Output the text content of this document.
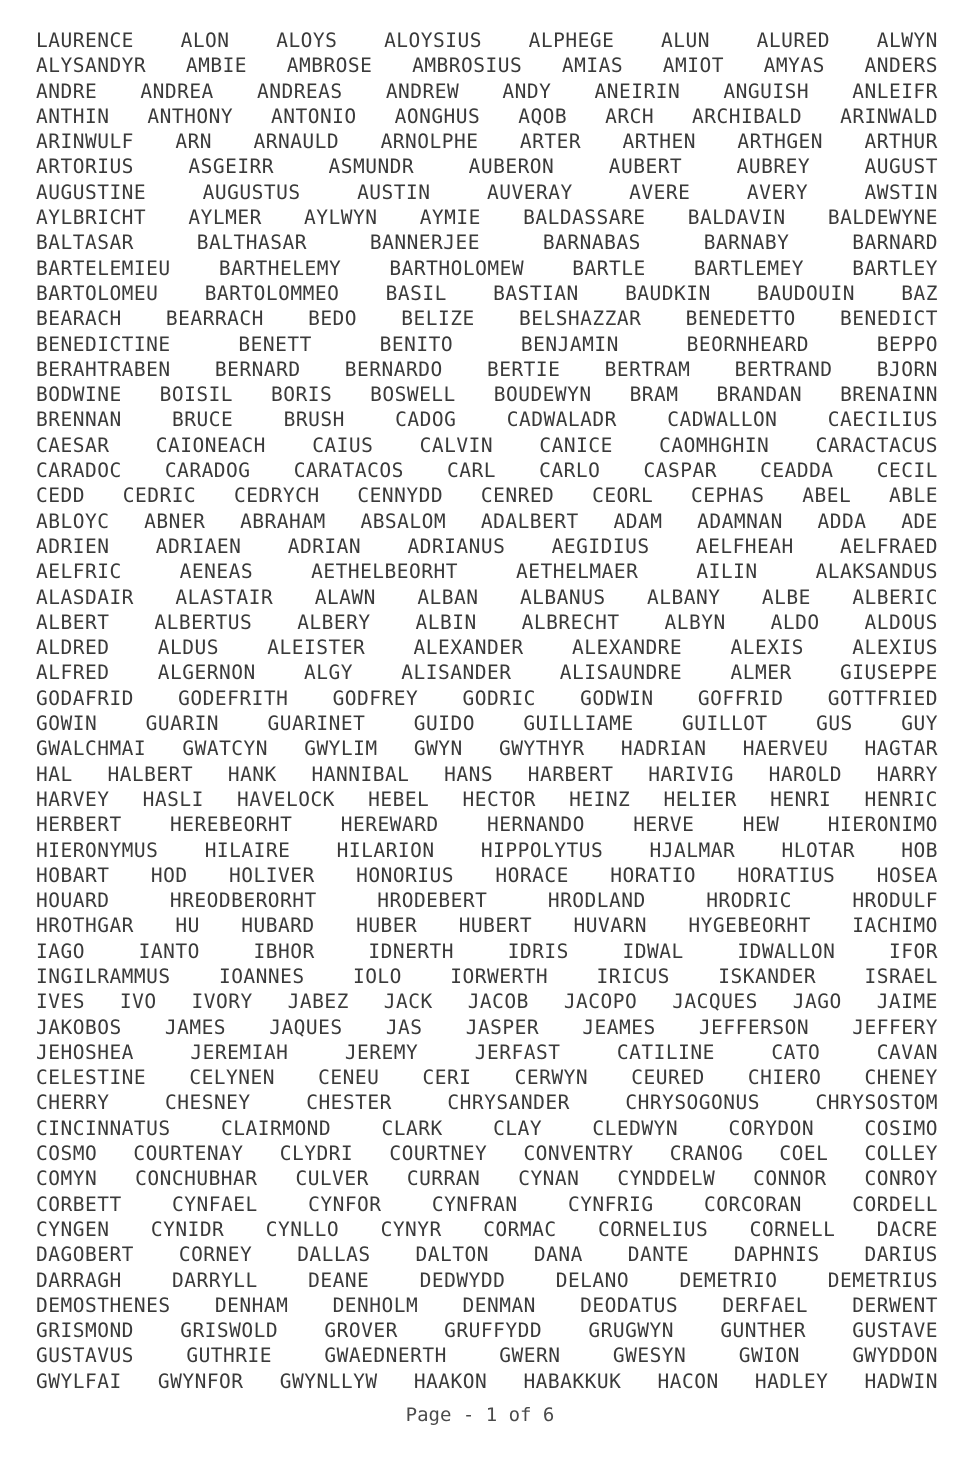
LAURENCE ALON ALOYS ALOYSIUS ALPHEGE ALUN ALURED ALWYN
ALYSANDYR AMBIE AMBROSE AMBROSIUS AMIAS AMIOT AMYAS ANDERS
ANDRE ANDREA ANDREAS ANDREW ANDY ANEIRIN ANGUISH ANLEIFR
ANTHIN ANTHONY ANTONIO AONGHUS AQOB ARCH ARCHIBALD ARINWALD
ARINWULF ARN ARNAULD ARNOLPHE ARTER ARTHEN ARTHGEN ARTHUR
ARTORIUS	ASGEIRR	ASMUNDR	AUBERON	AUBERT	AUBREY	AUGUST
AUGUSTINE	AUGUSTUS	AUSTIN	AUVERAY	AVERE	AVERY	AWSTIN
AYLBRICHT AYLMER AYLWYN AYMIE BALDASSARE BALDAVIN BALDEWYNE
BALTASAR	BALTHASAR	BANNERJEE	BARNABAS	BARNABY	BARNARD
BARTELEMIEU BARTHELEMY BARTHOLOMEW BARTLE BARTLEMEY BARTLEY
BARTOLOMEU BARTOLOMMEO BASIL BASTIAN BAUDKIN BAUDOUIN BAZ
BEARACH BEARRACH BEDO BELIZE BELSHAZZAR BENEDETTO BENEDICT
BENEDICTINE	BENETT	BENITO	BENJAMIN	BEORNHEARD	BEPPO
BERAHTRABEN BERNARD BERNARDO BERTIE BERTRAM BERTRAND BJORN
BODWINE BOISIL BORIS BOSWELL BOUDEWYN BRAM BRANDAN BRENAINN
BRENNAN	BRUCE	BRUSH	CADOG	CADWALADR	CADWALLON	CAECILIUS
CAESAR CAIONEACH CAIUS CALVIN CANICE CAOMHGHIN CARACTACUS
CARADOC CARADOG CARATACOS CARL CARLO CASPAR CEADDA CECIL
CEDD CEDRIC CEDRYCH CENNYDD CENRED CEORL CEPHAS ABEL ABLE
ABLOYC ABNER ABRAHAM ABSALOM ADALBERT ADAM ADAMNAN ADDA ADE
ADRIEN ADRIAEN ADRIAN ADRIANUS AEGIDIUS AELFHEAH AELFRAED
AELFRIC	AENEAS	AETHELBEORHT	AETHELMAER	AILIN	ALAKSANDUS
ALASDAIR ALASTAIR ALAWN ALBAN ALBANUS ALBANY ALBE ALBERIC
ALBERT ALBERTUS ALBERY ALBIN ALBRECHT ALBYN ALDO ALDOUS
ALDRED ALDUS ALEISTER ALEXANDER ALEXANDRE ALEXIS ALEXIUS
ALFRED ALGERNON ALGY ALISANDER ALISAUNDRE ALMER GIUSEPPE
GODAFRID GODEFRITH GODFREY GODRIC GODWIN GOFFRID GOTTFRIED
GOWIN GUARIN GUARINET GUIDO GUILLIAME GUILLOT GUS GUY
GWALCHMAI GWATCYN GWYLIM GWYN GWYTHYR HADRIAN HAERVEU HAGTAR
HAL HALBERT HANK HANNIBAL HANS HARBERT HARIVIG HAROLD HARRY
HARVEY HASLI HAVELOCK HEBEL HECTOR HEINZ HELIER HENRI HENRIC
HERBERT HEREBEORHT HEREWARD HERNANDO HERVE HEW HIERONIMO
HIERONYMUS HILAIRE HILARION HIPPOLYTUS HJALMAR HLOTAR HOB
HOBART HOD HOLIVER HONORIUS HORACE HORATIO HORATIUS HOSEA
HOUARD	HREODBERORHT	HRODEBERT	HRODLAND	HRODRIC	HRODULF
HROTHGAR HU HUBARD HUBER HUBERT HUVARN HYGEBEORHT IACHIMO
IAGO	IANTO	IBHOR	IDNERTH	IDRIS	IDWAL	IDWALLON	IFOR
INGILRAMMUS IOANNES IOLO IORWERTH IRICUS ISKANDER ISRAEL
IVES IVO IVORY JABEZ JACK JACOB JACOPO JACQUES JAGO JAIME
JAKOBOS JAMES JAQUES JAS JASPER JEAMES JEFFERSON JEFFERY
JEHOSHEA	JEREMIAH	JEREMY	JERFAST	CATILINE	CATO	CAVAN
CELESTINE CELYNEN CENEU CERI CERWYN CEURED CHIERO CHENEY
CHERRY	CHESNEY	CHESTER	CHRYSANDER	CHRYSOGONUS	CHRYSOSTOM
CINCINNATUS	CLAIRMOND	CLARK	CLAY	CLEDWYN	CORYDON	COSIMO
COSMO COURTENAY CLYDRI COURTNEY CONVENTRY CRANOG COEL COLLEY
COMYN CONCHUBHAR CULVER CURRAN CYNAN CYNDDELW CONNOR CONROY
CORBETT	CYNFAEL	CYNFOR	CYNFRAN	CYNFRIG	CORCORAN	CORDELL
CYNGEN CYNIDR CYNLLO CYNYR CORMAC CORNELIUS CORNELL DACRE
DAGOBERT CORNEY DALLAS DALTON DANA DANTE DAPHNIS DARIUS
DARRAGH	DARRYLL	DEANE	DEDWYDD	DELANO	DEMETRIO	DEMETRIUS
DEMOSTHENES DENHAM DENHOLM DENMAN DEODATUS DERFAEL DERWENT
GRISMOND GRISWOLD GROVER GRUFFYDD GRUGWYN GUNTHER GUSTAVE
GUSTAVUS	GUTHRIE	GWAEDNERTH	GWERN	GWESYN	GWION	GWYDDON
GWYLFAI GWYNFOR GWYNLLYW HAAKON HABAKKUK HACON HADLEY HADWIN
Page - 1 of 6
